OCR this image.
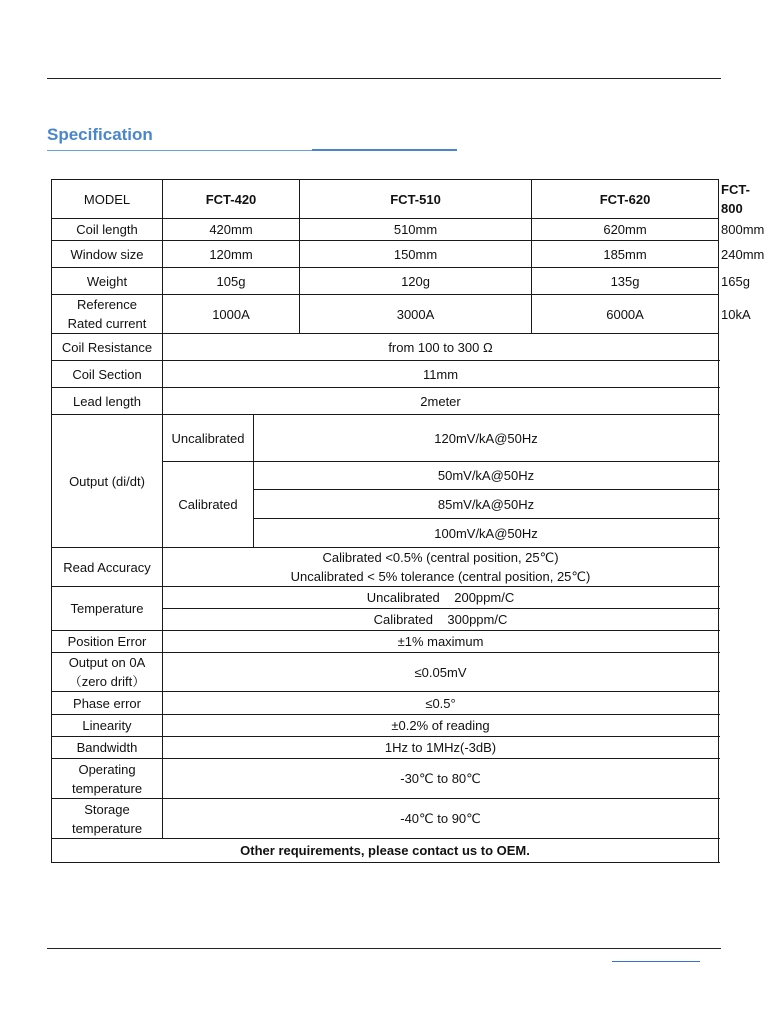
Specification
MODEL	FCT-420		FCT-510	FCT-620	FCT-800
Coil length	420mm		510mm	620mm	800mm
Window size	120mm		150mm	185mm	240mm
Weight	105g		120g	135g	165g

Reference
Rated current	1000A		3000A	6000A	10kA
Coil Resistance	from 100 to 300 Ω				
Coil Section	11mm				
Lead length	2meter				
Output (di/dt)	Uncalibrated	120mV/kA@50Hz			
	Calibrated	50mV/kA@50Hz			
		85mV/kA@50Hz			
		100mV/kA@50Hz			
Read Accuracy	Calibrated <0.5% (central position, 25℃)
Uncalibrated < 5% tolerance (central position, 25℃)				

Temperature	Uncalibrated    200ppm/C				
	Calibrated    300ppm/C				
Position Error	±1% maximum				

Output on 0A
（zero drift）	≤0.05mV				
Phase error	≤0.5°				
Linearity	±0.2% of reading				
Bandwidth	1Hz to 1MHz(-3dB)				

Operating
temperature	-30℃ to 80℃				

Storage
temperature	-40℃ to 90℃				
Other requirements, please contact us to OEM.					
